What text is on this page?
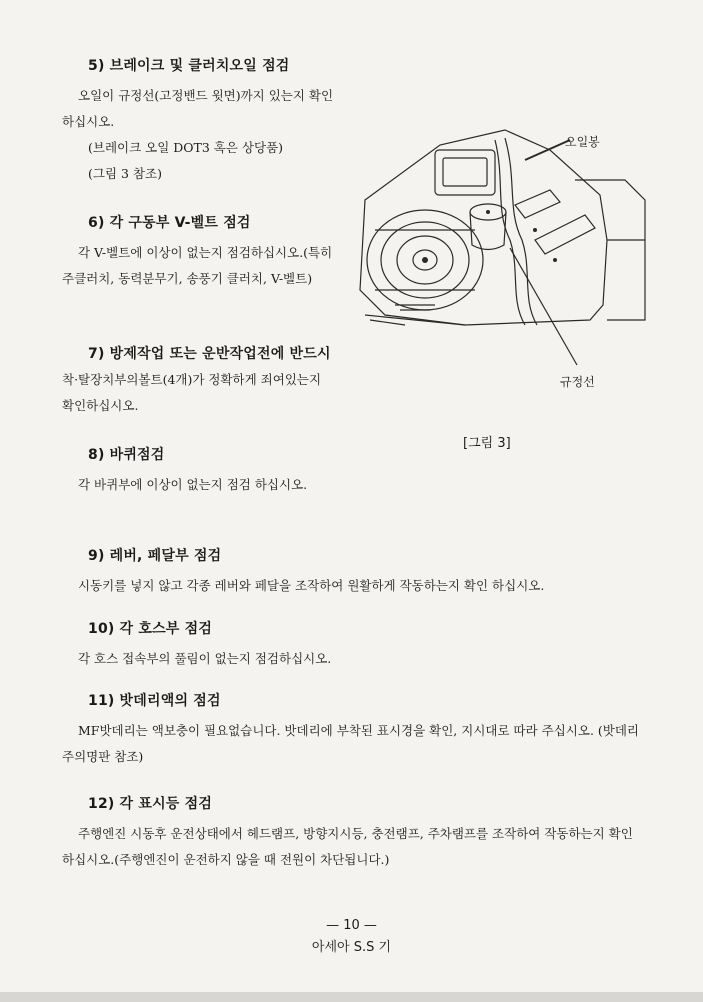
5) 브레이크 및 클러치오일 점검

오일이 규정선(고정밴드 윗면)까지 있는지 확인하십시오.

(브레이크 오일 DOT3 혹은 상당품)

(그림 3 참조)

6) 각 구동부 V-벨트 점검

각 V-벨트에 이상이 없는지 점검하십시오.(특히 주클러치, 동력분무기, 송풍기 클러치, V-벨트)

7) 방제작업 또는 운반작업전에 반드시

착·탈장치부의볼트(4개)가 정확하게 죄여있는지 확인하십시오.

8) 바퀴점검

각 바퀴부에 이상이 없는지 점검 하십시오.

9) 레버, 페달부 점검

시동키를 넣지 않고 각종 레버와 페달을 조작하여 원활하게 작동하는지 확인 하십시오.

10) 각 호스부 점검

각 호스 접속부의 풀림이 없는지 점검하십시오.

11) 밧데리액의 점검

MF밧데리는 액보충이 필요없습니다. 밧데리에 부착된 표시경을 확인, 지시대로 따라 주십시오. (밧데리 주의명판 참조)

12) 각 표시등 점검

주행엔진 시동후 운전상태에서 헤드램프, 방향지시등, 충전램프, 주차램프를 조작하여 작동하는지 확인 하십시오.(주행엔진이 운전하지 않을 때 전원이 차단됩니다.)

오일봉
규정선
[그림 3]
— 10 —
아세아 S.S 기
